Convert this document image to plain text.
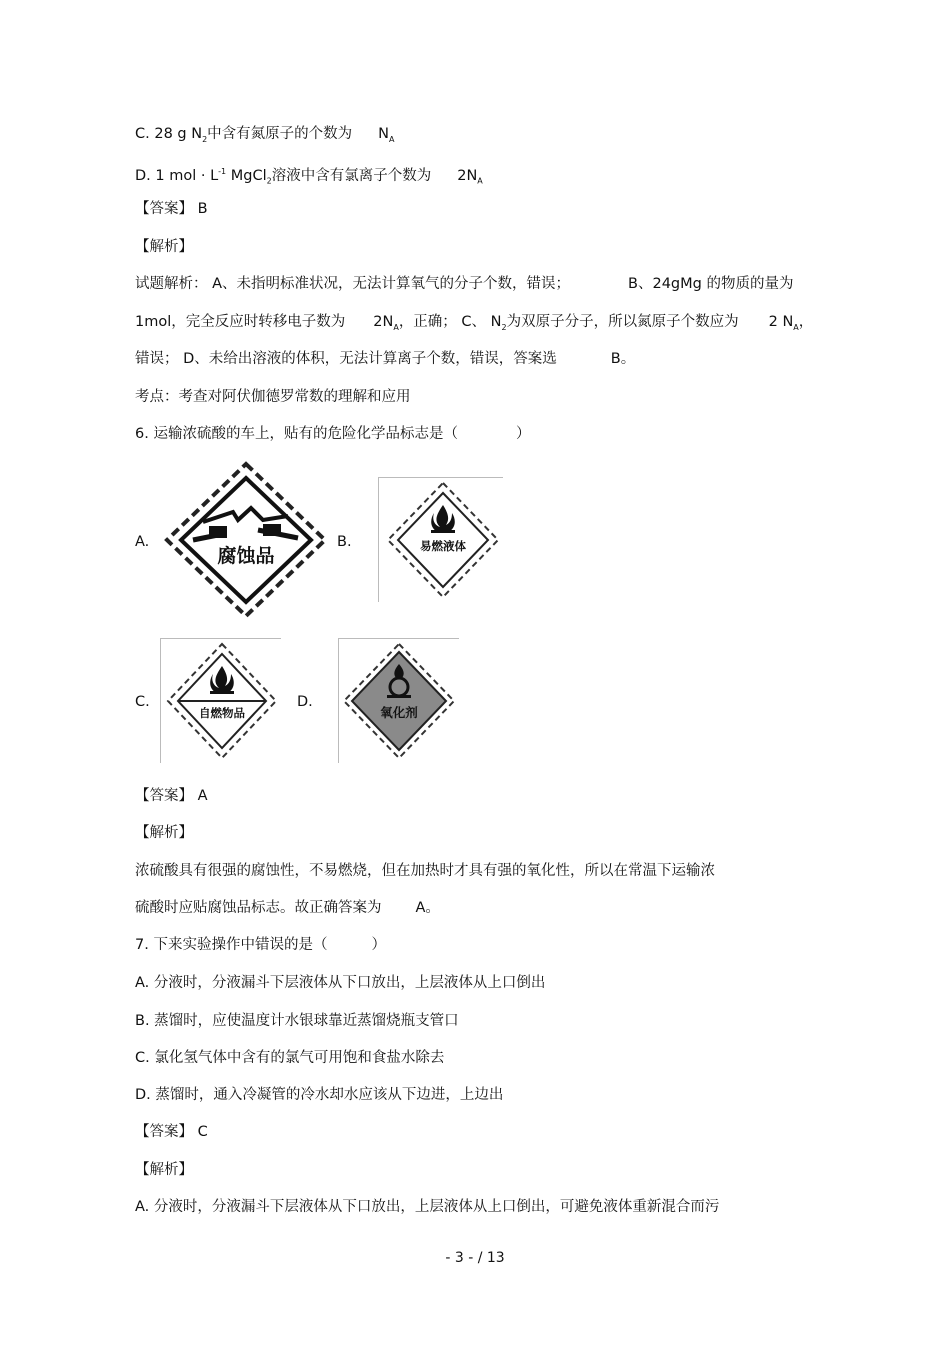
C. 28 g $N_2$中含有氮原子的个数为 $N_A$
D. 1 mol · $L^{-1}$ MgCl$_2$溶液中含有氯离子个数为 $2N_A$
【答案】 B
【解析】
试题解析： A、未指明标准状况，无法计算氧气的分子个数，错误；	B、24gMg 的物质的量为
1mol，完全反应时转移电子数为 $2N_A$，正确； C、 $N_2$为双原子分子，所以氮原子个数应为 2 $N_A$，
错误； D、未给出溶液的体积，无法计算离子个数，错误，答案选	B。
考点：考查对阿伏伽德罗常数的理解和应用
6. 运输浓硫酸的车上，贴有的危险化学品标志是（	）
A.
腐蚀品
B.	易燃液体
C.
自燃物品
D.
氧化剂
【答案】 A
【解析】
浓硫酸具有很强的腐蚀性，不易燃烧，但在加热时才具有强的氧化性，所以在常温下运输浓
硫酸时应贴腐蚀品标志。故正确答案为 A。
7. 下来实验操作中错误的是（	）
A. 分液时，分液漏斗下层液体从下口放出，上层液体从上口倒出
B. 蒸馏时，应使温度计水银球靠近蒸馏烧瓶支管口
C. 氯化氢气体中含有的氯气可用饱和食盐水除去
D. 蒸馏时，通入冷凝管的冷水却水应该从下边进，上边出
【答案】 C
【解析】
A. 分液时，分液漏斗下层液体从下口放出，上层液体从上口倒出，可避免液体重新混合而污
- 3 - / 13
